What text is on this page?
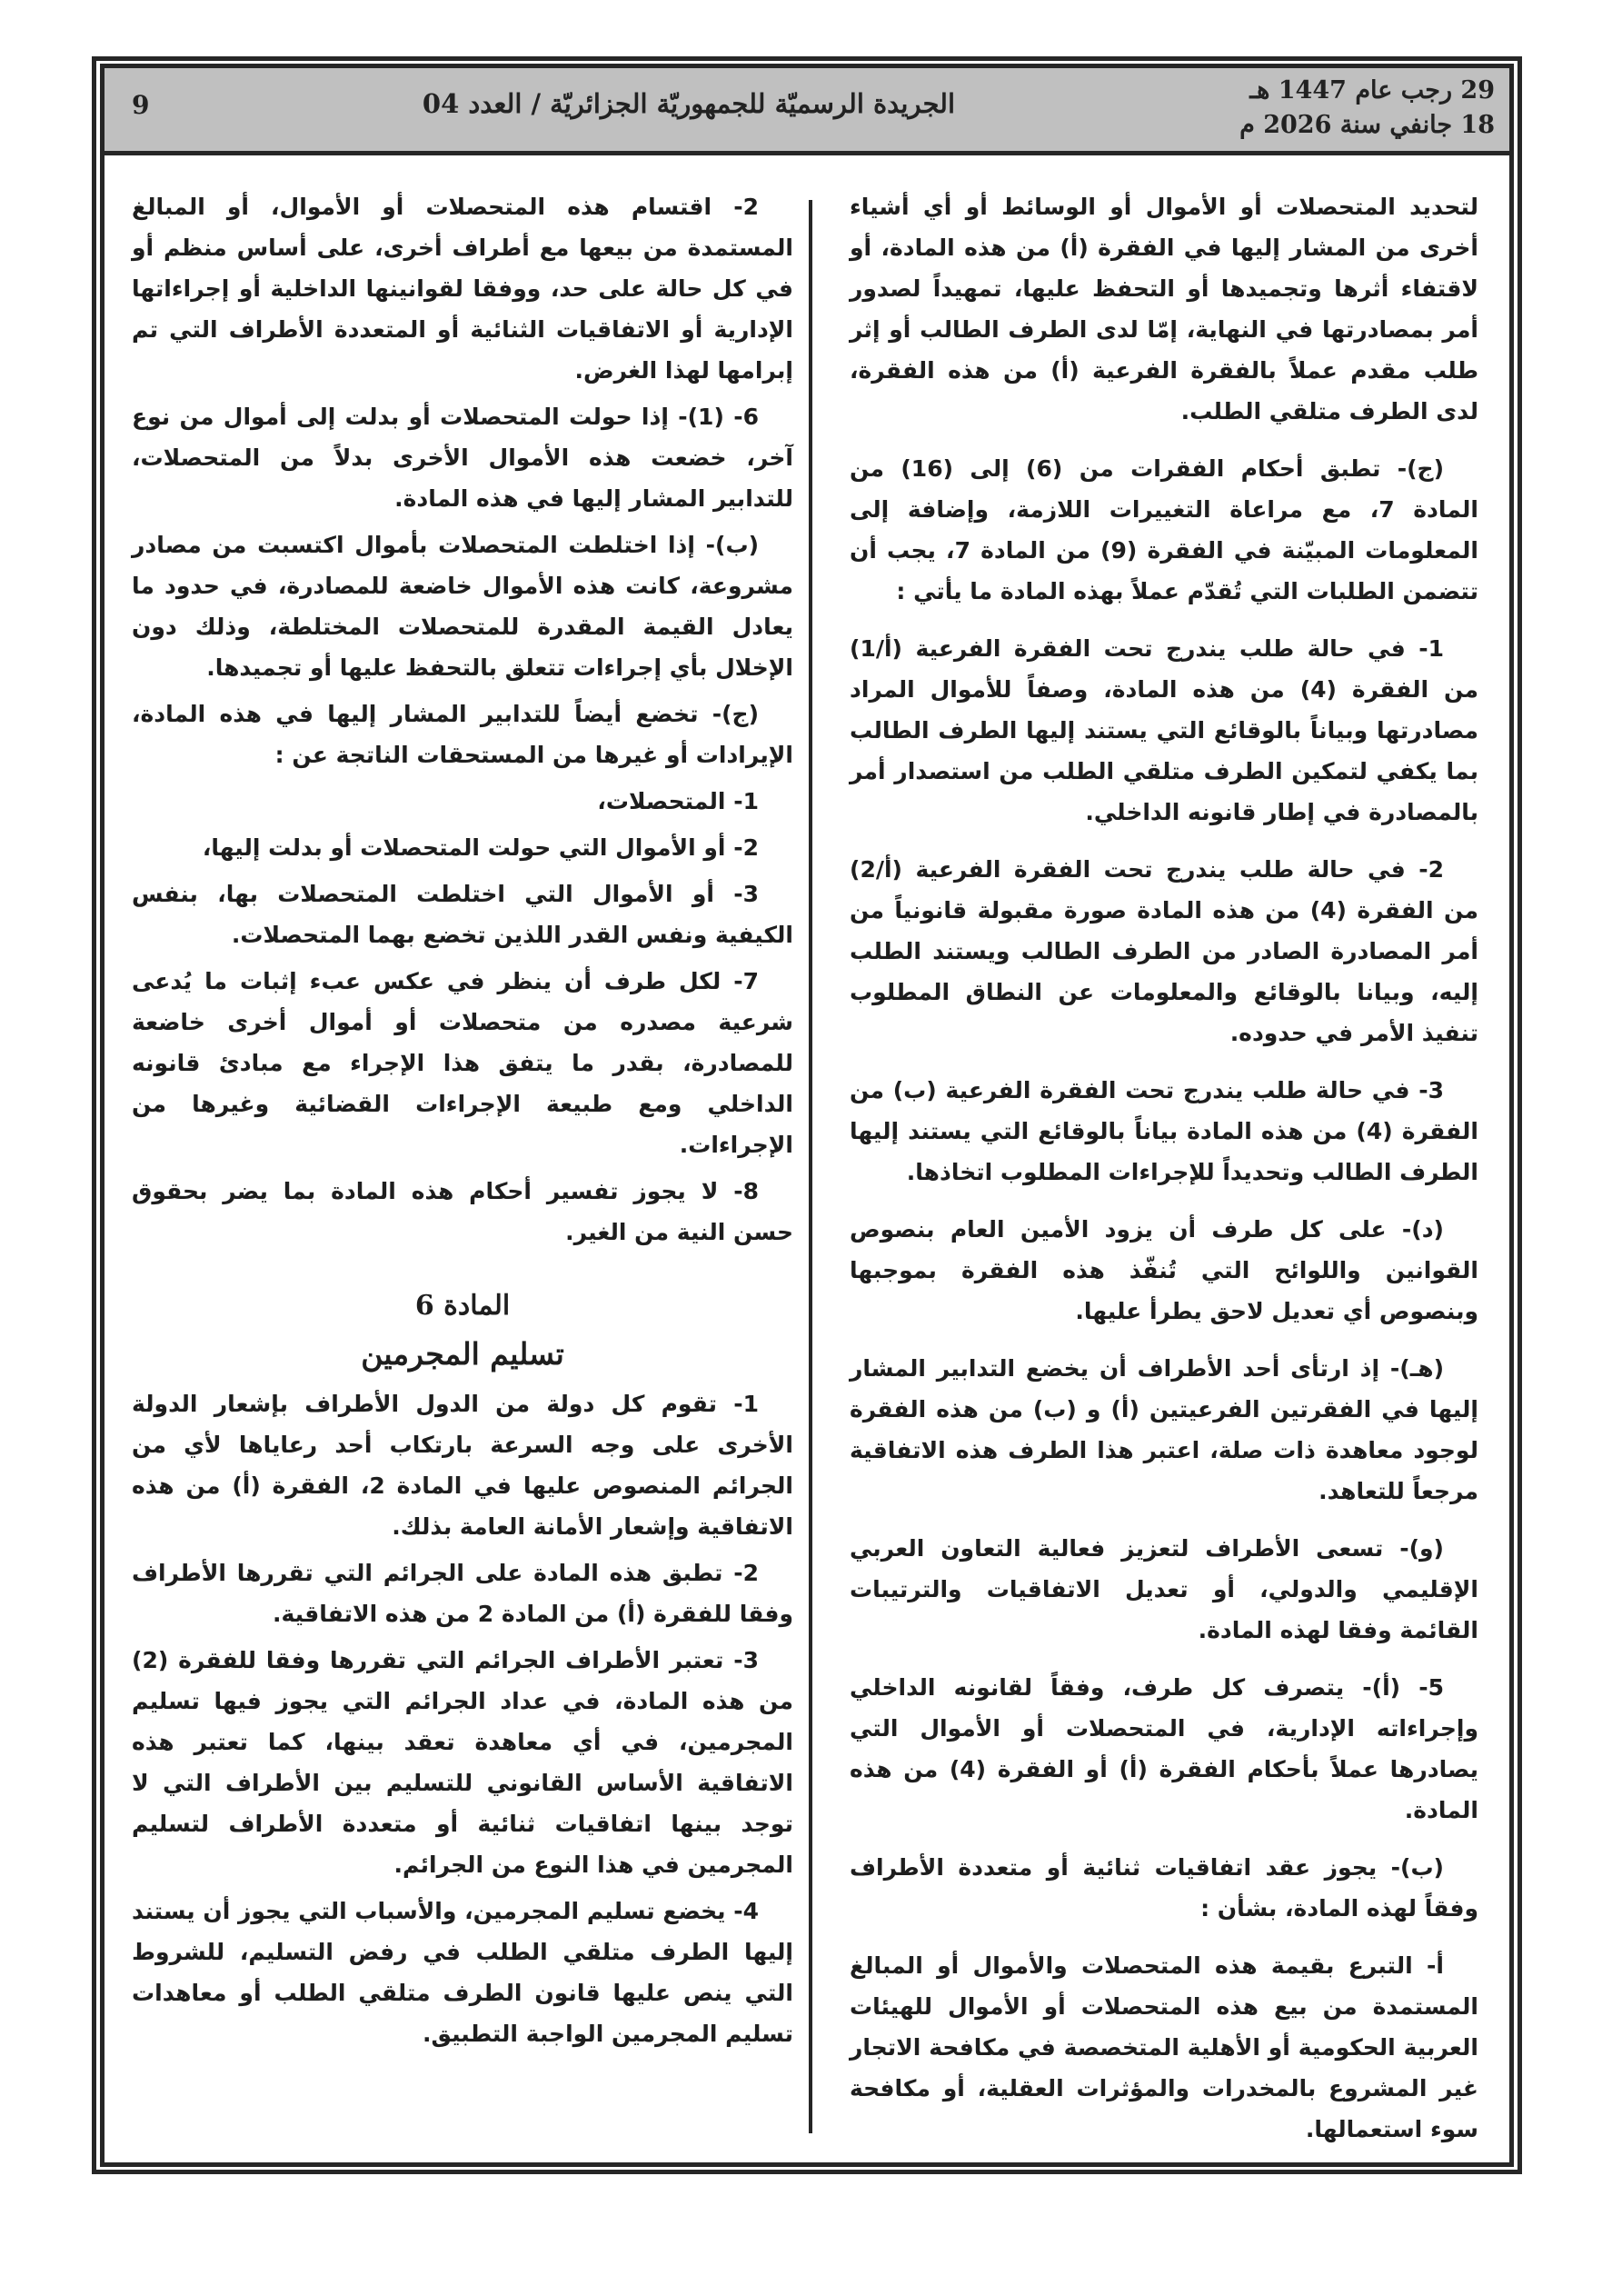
29 رجب عام 1447 هـ
18 جانفي سنة 2026 م
الجريدة الرسميّة للجمهوريّة الجزائريّة / العدد 04
9

لتحديد المتحصلات أو الأموال أو الوسائط أو أي أشياء أخرى من المشار إليها في الفقرة (أ) من هذه المادة، أو لاقتفاء أثرها وتجميدها أو التحفظ عليها، تمهيداً لصدور أمر بمصادرتها في النهاية، إمّا لدى الطرف الطالب أو إثر طلب مقدم عملاً بالفقرة الفرعية (أ) من هذه الفقرة، لدى الطرف متلقي الطلب.

(ج)- تطبق أحكام الفقرات من (6) إلى (16) من المادة 7، مع مراعاة التغييرات اللازمة، وإضافة إلى المعلومات المبيّنة في الفقرة (9) من المادة 7، يجب أن تتضمن الطلبات التي تُقدّم عملاً بهذه المادة ما يأتي :

1- في حالة طلب يندرج تحت الفقرة الفرعية (أ/1) من الفقرة (4) من هذه المادة، وصفاً للأموال المراد مصادرتها وبياناً بالوقائع التي يستند إليها الطرف الطالب بما يكفي لتمكين الطرف متلقي الطلب من استصدار أمر بالمصادرة في إطار قانونه الداخلي.

2- في حالة طلب يندرج تحت الفقرة الفرعية (أ/2) من الفقرة (4) من هذه المادة صورة مقبولة قانونياً من أمر المصادرة الصادر من الطرف الطالب ويستند الطلب إليه، وبيانا بالوقائع والمعلومات عن النطاق المطلوب تنفيذ الأمر في حدوده.

3- في حالة طلب يندرج تحت الفقرة الفرعية (ب) من الفقرة (4) من هذه المادة بياناً بالوقائع التي يستند إليها الطرف الطالب وتحديداً للإجراءات المطلوب اتخاذها.

(د)- على كل طرف أن يزود الأمين العام بنصوص القوانين واللوائح التي تُنفّذ هذه الفقرة بموجبها وبنصوص أي تعديل لاحق يطرأ عليها.

(هـ)- إذ ارتأى أحد الأطراف أن يخضع التدابير المشار إليها في الفقرتين الفرعيتين (أ) و (ب) من هذه الفقرة لوجود معاهدة ذات صلة، اعتبر هذا الطرف هذه الاتفاقية مرجعاً للتعاهد.

(و)- تسعى الأطراف لتعزيز فعالية التعاون العربي الإقليمي والدولي، أو تعديل الاتفاقيات والترتيبات القائمة وفقا لهذه المادة.

5- (أ)- يتصرف كل طرف، وفقاً لقانونه الداخلي وإجراءاته الإدارية، في المتحصلات أو الأموال التي يصادرها عملاً بأحكام الفقرة (أ) أو الفقرة (4) من هذه المادة.

(ب)- يجوز عقد اتفاقيات ثنائية أو متعددة الأطراف وفقاً لهذه المادة، بشأن :

أ- التبرع بقيمة هذه المتحصلات والأموال أو المبالغ المستمدة من بيع هذه المتحصلات أو الأموال للهيئات العربية الحكومية أو الأهلية المتخصصة في مكافحة الاتجار غير المشروع بالمخدرات والمؤثرات العقلية، أو مكافحة سوء استعمالها.

2- اقتسام هذه المتحصلات أو الأموال، أو المبالغ المستمدة من بيعها مع أطراف أخرى، على أساس منظم أو في كل حالة على حد، ووفقا لقوانينها الداخلية أو إجراءاتها الإدارية أو الاتفاقيات الثنائية أو المتعددة الأطراف التي تم إبرامها لهذا الغرض.

6- (1)- إذا حولت المتحصلات أو بدلت إلى أموال من نوع آخر، خضعت هذه الأموال الأخرى بدلاً من المتحصلات، للتدابير المشار إليها في هذه المادة.

(ب)- إذا اختلطت المتحصلات بأموال اكتسبت من مصادر مشروعة، كانت هذه الأموال خاضعة للمصادرة، في حدود ما يعادل القيمة المقدرة للمتحصلات المختلطة، وذلك دون الإخلال بأي إجراءات تتعلق بالتحفظ عليها أو تجميدها.

(ج)- تخضع أيضاً للتدابير المشار إليها في هذه المادة، الإيرادات أو غيرها من المستحقات الناتجة عن :

1- المتحصلات،

2- أو الأموال التي حولت المتحصلات أو بدلت إليها،

3- أو الأموال التي اختلطت المتحصلات بها، بنفس الكيفية ونفس القدر اللذين تخضع بهما المتحصلات.

7- لكل طرف أن ينظر في عكس عبء إثبات ما يُدعى شرعية مصدره من متحصلات أو أموال أخرى خاضعة للمصادرة، بقدر ما يتفق هذا الإجراء مع مبادئ قانونه الداخلي ومع طبيعة الإجراءات القضائية وغيرها من الإجراءات.

8- لا يجوز تفسير أحكام هذه المادة بما يضر بحقوق حسن النية من الغير.

المادة 6
تسليم المجرمين

1- تقوم كل دولة من الدول الأطراف بإشعار الدولة الأخرى على وجه السرعة بارتكاب أحد رعاياها لأي من الجرائم المنصوص عليها في المادة 2، الفقرة (أ) من هذه الاتفاقية وإشعار الأمانة العامة بذلك.

2- تطبق هذه المادة على الجرائم التي تقررها الأطراف وفقا للفقرة (أ) من المادة 2 من هذه الاتفاقية.

3- تعتبر الأطراف الجرائم التي تقررها وفقا للفقرة (2) من هذه المادة، في عداد الجرائم التي يجوز فيها تسليم المجرمين، في أي معاهدة تعقد بينها، كما تعتبر هذه الاتفاقية الأساس القانوني للتسليم بين الأطراف التي لا توجد بينها اتفاقيات ثنائية أو متعددة الأطراف لتسليم المجرمين في هذا النوع من الجرائم.

4- يخضع تسليم المجرمين، والأسباب التي يجوز أن يستند إليها الطرف متلقي الطلب في رفض التسليم، للشروط التي ينص عليها قانون الطرف متلقي الطلب أو معاهدات تسليم المجرمين الواجبة التطبيق.
